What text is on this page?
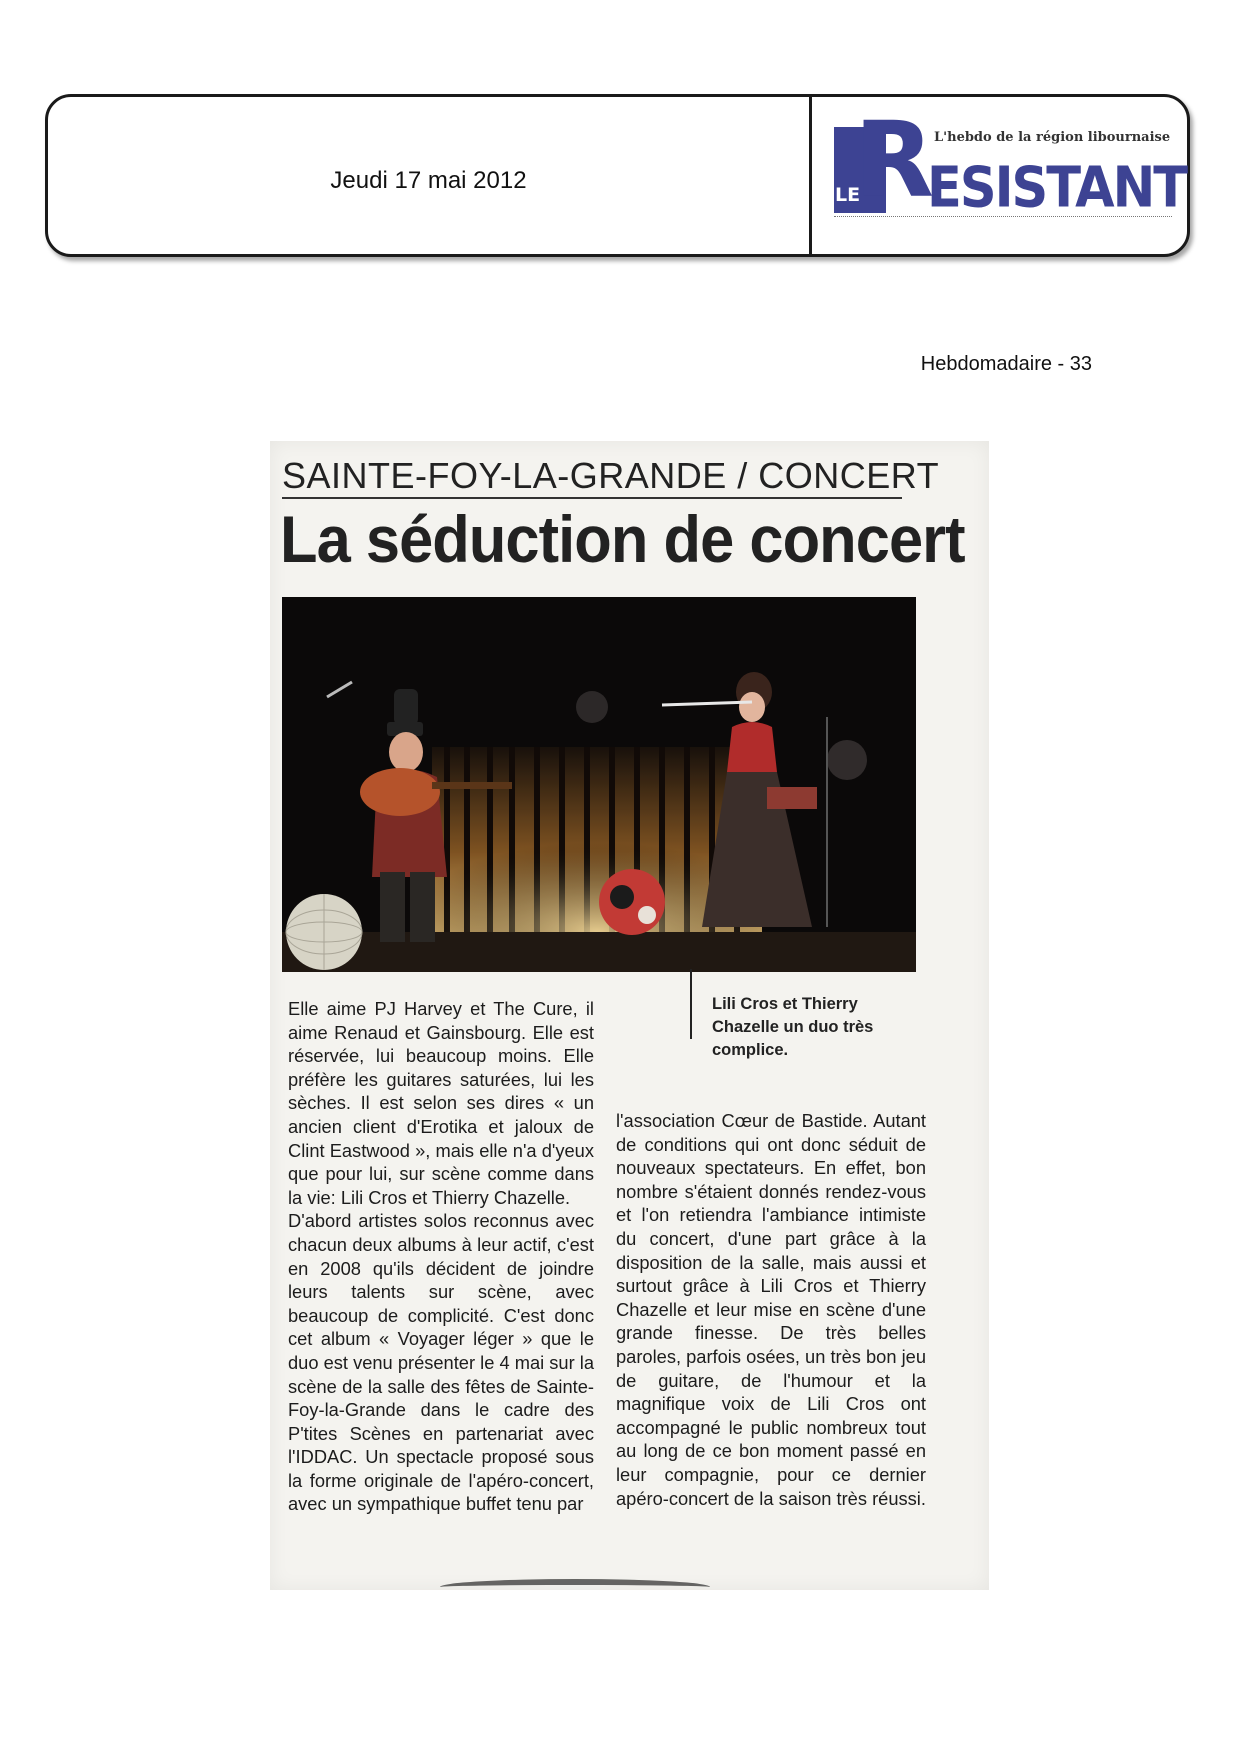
Jeudi 17 mai 2012	R
LE
L'hebdo de la région libournaise
ESISTANT
Hebdomadaire - 33
SAINTE-FOY-LA-GRANDE / CONCERT
La séduction de concert
Lili Cros et Thierry Chazelle un duo très complice.

Elle aime PJ Harvey et The Cure, il aime Renaud et Gainsbourg. Elle est réservée, lui beaucoup moins. Elle préfère les guitares saturées, lui les sèches. Il est selon ses dires « un ancien client d'Erotika et jaloux de Clint Eastwood », mais elle n'a d'yeux que pour lui, sur scène comme dans la vie: Lili Cros et Thierry Chazelle.

D'abord artistes solos reconnus avec chacun deux albums à leur actif, c'est en 2008 qu'ils décident de joindre leurs talents sur scène, avec beaucoup de complicité. C'est donc cet album « Voyager léger » que le duo est venu présenter le 4 mai sur la scène de la salle des fêtes de Sainte-Foy-la-Grande dans le cadre des P'tites Scènes en partenariat avec l'IDDAC. Un spectacle proposé sous la forme originale de l'apéro-concert, avec un sympathique buffet tenu par

l'association Cœur de Bastide. Autant de conditions qui ont donc séduit de nouveaux spectateurs. En effet, bon nombre s'étaient donnés rendez-vous et l'on retiendra l'ambiance intimiste du concert, d'une part grâce à la disposition de la salle, mais aussi et surtout grâce à Lili Cros et Thierry Chazelle et leur mise en scène d'une grande finesse. De très belles paroles, parfois osées, un très bon jeu de guitare, de l'humour et la magnifique voix de Lili Cros ont accompagné le public nombreux tout au long de ce bon moment passé en leur compagnie, pour ce dernier apéro-concert de la saison très réussi.
